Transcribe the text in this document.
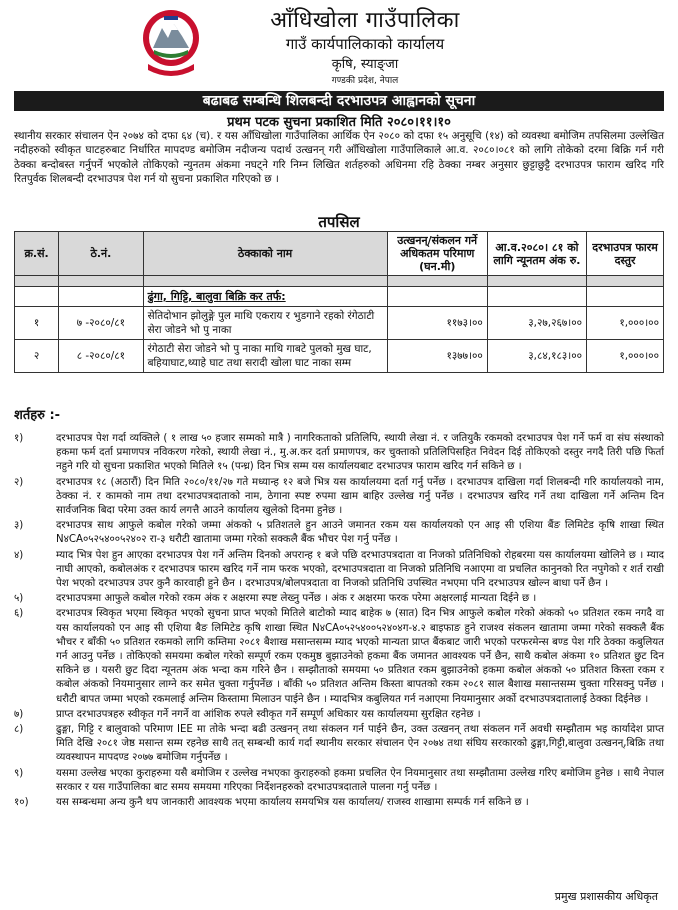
आँधिखोला गाउँपालिका
गाउँ कार्यपालिकाको कार्यालय
कृषि, स्याङ्जा
गण्डकी प्रदेश, नेपाल
बढाबढ सम्बन्धि शिलबन्दी दरभाउपत्र आह्वानको सूचना
प्रथम पटक सुचना प्रकाशित मिति २०८०।११।१०
स्थानीय सरकार संचालन ऐन २०७४ को दफा ६४ (च). र यस आँधिखोला गाउँपालिका आर्थिक ऐन २०८० को दफा १५ अनुसूचि (१४) को व्यवस्था बमोजिम तपसिलमा उल्लेखित नदीहरुको स्वीकृत घाटहरुबाट निर्धारित मापदण्ड बमोजिम नदीजन्य पदार्थ उत्खनन् गरी आँधिखोला गाउँपालिकाले आ.व. २०८०।०८१ को लागि तोकेको दरमा बिक्रि गर्न गरी ठेक्का बन्दोबस्त गर्नुपर्ने भएकोले तोकिएको न्युनतम अंकमा नघट्ने गरि निम्न लिखित शर्तहरुको अधिनमा रहि ठेक्का नम्बर अनुसार छुट्टाछुट्टै दरभाउपत्र फाराम खरिद गरि रितपुर्वक शिलबन्दी दरभाउपत्र पेश गर्न यो सुचना प्रकाशित गरिएको छ ।
तपसिल
क्र.सं.	ठे.नं.	ठेक्काको नाम	उत्खनन्/संकलन गर्ने अधिकतम परिमाण (घन.मी)	आ.व.२०८०। ८१ को लागि न्यूनतम अंक रु.	दरभाउपत्र फारम दस्तुर

		ढुंगा, गिट्टि, बालुवा बिक्रि कर तर्फ:			
१	७ -२०८०/८१	सेतिदोभान झोलुङ्गे पुल माथि एकराय र भुडगाने रहको रंगेठाटी सेरा जोडने भो पु नाका	११७३।००	३,२७,२६७।००	१,०००।००
२	८ -२०८०/८१	रंगेठाटी सेरा जोडने भो पु नाका माथि गाबटे पुलको मुख घाट, बहियाघाट,थ्याहे घाट तथा सरादी खोला घाट नाका सम्म	१३७७।००	३,८४,१८३।००	१,०००।००
शर्तहरु :-
१)	दरभाउपत्र पेश गर्दा व्यक्तिले ( १ लाख ५० हजार सम्मको मात्रै ) नागरिकताको प्रतिलिपि, स्थायी लेखा नं. र जतियुकै रकमको दरभाउपत्र पेश गर्ने फर्म वा संघ संस्थाको हकमा फर्म दर्ता प्रमाणपत्र नविकरण गरेको, स्थायी लेखा नं., मु.अ.कर दर्ता प्रमाणपत्र, कर चुक्ताको प्रतिलिपिसहित निवेदन दिई तोकिएको दस्तुर नगदै तिरी पछि फिर्ता नहुने गरि यो सुचना प्रकाशित भएको मितिले १५ (पन्ध्र) दिन भित्र सम्म यस कार्यालयबाट दरभाउपत्र फाराम खरिद गर्न सकिने छ ।
२)	दरभाउपत्र १८ (अठारौं) दिन मिति २०८०/११/२७ गते मध्यान्ह १२ बजे भित्र यस कार्यालयमा दर्ता गर्नु पर्नेछ । दरभाउपत्र दाखिला गर्दा शिलबन्दी गरि कार्यालयको नाम, ठेक्का नं. र कामको नाम तथा दरभाउपत्रदाताको नाम, ठेगाना स्पष्ट रुपमा खाम बाहिर उल्लेख गर्नु पर्नेछ । दरभाउपत्र खरिद गर्ने तथा दाखिला गर्ने अन्तिम दिन सार्वजनिक बिदा परेमा उक्त कार्य लगत्तै आउने कार्यालय खुलेको दिनमा हुनेछ ।
३)	दरभाउपत्र साथ आफुले कबोल गरेको जम्मा अंकको ५ प्रतिशतले हुन आउने जमानत रकम यस कार्यालयको एन आइ सी एशिया बैंङ लिमिटेड कृषि शाखा स्थित N४CA०५२५४००५२४०२ रा-३ धरौटी खातामा जम्मा गरेको सक्कलै बैंक भौचर पेश गर्नु पर्नेछ ।
४)	म्याद भित्र पेश हुन आएका दरभाउपत्र पेश गर्ने अन्तिम दिनको अपरान्ह १ बजे पछि दरभाउपत्रदाता वा निजको प्रतिनिधिको रोहबरमा यस कार्यालयमा खोलिने छ । म्याद नाघी आएको, कबोलअंक र दरभाउपत्र फारम खरिद गर्ने नाम फरक भएको, दरभाउपत्रदाता वा निजको प्रतिनिधि नआएमा वा प्रचलित कानुनको रित नपुगेको र शर्त राखी पेश भएको दरभाउपत्र उपर कुनै कारवाही हुने छैन । दरभाउपत्र/बोलपत्रदाता वा निजको प्रतिनिधि उपस्थित नभएमा पनि दरभाउपत्र खोल्न बाधा पर्ने छैन ।
५)	दरभाउपत्रमा आफुले कबोल गरेको रकम अंक र अक्षरमा स्पष्ट लेख्नु पर्नेछ । अंक र अक्षरमा फरक परेमा अक्षरलाई मान्यता दिईने छ ।
६)	दरभाउपत्र स्विकृत भएमा स्विकृत भएको सुचना प्राप्त भएको मितिले बाटोको म्याद बाहेक ७ (सात) दिन भित्र आफुले कबोल गरेको अंकको ५० प्रतिशत रकम नगदै वा यस कार्यालयको एन आइ सी एशिया बैङ लिमिटेड कृषि शाखा स्थित N४CA०५२५४००५२४०४ग-४.२ बाइफाङ हुने राजश्व संकलन खातामा जम्मा गरेको सक्कलै बैंक भौचर र बाँकी ५० प्रतिशत रकमको लागि कम्तिमा २०८१ बैशाख मसान्तसम्म म्याद भएको मान्यता प्राप्त बैंकबाट जारी भएको परफरमेन्स बण्ड पेश गरि ठेक्का कबुलियत गर्न आउनु पर्नेछ । तोकिएको समयमा कबोल गरेको सम्पूर्ण रकम एकमुष्ठ बुझाउनेको हकमा बैंक जमानत आवश्यक पर्ने छैन, साथै कबोल अंकमा १० प्रतिशत छुट दिन सकिने छ । यसरी छुट दिदा न्यूनतम अंक भन्दा कम गरिने छैन । सम्झौताको समयमा ५० प्रतिशत रकम बुझाउनेको हकमा कबोल अंकको ५० प्रतिशत किस्ता रकम र कबोल अंकको नियमानुसार लाग्ने कर समेत चुक्ता गर्नुपर्नेछ । बाँकी ५० प्रतिशत अन्तिम किस्ता बापतको रकम २०८१ साल बैशाख मसान्तसम्म चुक्ता गरिसक्नु पर्नेछ । धरौटी बापत जम्मा भएको रकमलाई अन्तिम किस्तामा मिलाउन पाईने छैन । म्यादभित्र कबुलियत गर्न नआएमा नियमानुसार अर्को दरभाउपत्रदातालाई ठेक्का दिईनेछ ।
७)	प्राप्त दरभाउपत्रहरु स्वीकृत गर्ने नगर्ने वा आंशिक रुपले स्वीकृत गर्ने सम्पूर्ण अधिकार यस कार्यालयमा सुरक्षित रहनेछ ।
८)	ढुङ्गा, गिट्टि र बालुवाको परिमाण IEE मा तोके भन्दा बढी उत्खनन् तथा संकलन गर्न पाईने छैन, उक्त उत्खनन् तथा संकलन गर्ने अवधी सम्झौताम भइ कार्यादेश प्राप्त मिति देखि २०८१ जेष्ठ मसान्त सम्म रहनेछ साथै तत् सम्बन्धी कार्य गर्दा स्थानीय सरकार संचालन ऐन २०७४ तथा संघिय सरकारको ढुङ्गा,गिट्टी,बालुवा उत्खनन्,बिक्रि तथा व्यवस्थापन मापदण्ड २०७७ बमोजिम गर्नुपर्नेछ ।
९)	यसमा उल्लेख भएका कुराहरुमा यसै बमोजिम र उल्लेख नभएका कुराहरुको हकमा प्रचलित ऐन नियमानुसार तथा सम्झौतामा उल्लेख गरिए बमोजिम हुनेछ । साथै नेपाल सरकार र यस गाउँपालिका बाट समय समयमा गरिएका निर्देशनहरुको दरभाउपत्रदाताले पालना गर्नु पर्नेछ ।
१०)	यस सम्बन्धमा अन्य कुनै थप जानकारी आवश्यक भएमा कार्यालय समयभित्र यस कार्यालय/ राजस्व शाखामा सम्पर्क गर्न सकिने छ ।
प्रमुख प्रशासकीय अधिकृत
